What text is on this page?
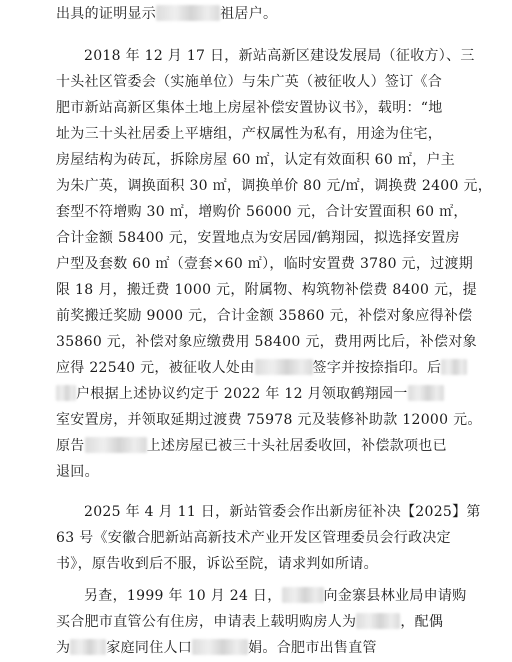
出具的证明显示	祖居户。
2018 年 12 月 17 日，新站高新区建设发展局（征收方）、三
十头社区管委会（实施单位）与朱广英（被征收人）签订《合
肥市新站高新区集体土地上房屋补偿安置协议书》，载明：“地
址为三十头社居委上平塘组，产权属性为私有，用途为住宅，
房屋结构为砖瓦，拆除房屋 60 ㎡，认定有效面积 60 ㎡，户主
为朱广英，调换面积 30 ㎡，调换单价 80 元/㎡，调换费 2400 元，
套型不符增购 30 ㎡，增购价 56000 元，合计安置面积 60 ㎡，
合计金额 58400 元，安置地点为安居园/鹤翔园，拟选择安置房
户型及套数 60 ㎡（壹套×60 ㎡），临时安置费 3780 元，过渡期
限 18 月，搬迁费 1000 元，附属物、构筑物补偿费 8400 元，提
前奖搬迁奖励 9000 元，合计金额 35860 元，补偿对象应得补偿
35860 元，补偿对象应缴费用 58400 元，费用两比后，补偿对象
应得 22540 元，被征收人处由	签字并按捺指印。后
户根据上述协议约定于 2022 年 12 月领取鹤翔园一
室安置房，并领取延期过渡费 75978 元及装修补助款 12000 元。
原告	上述房屋已被三十头社居委收回，补偿款项也已
退回。
2025 年 4 月 11 日，新站管委会作出新房征补决【2025】第
63 号《安徽合肥新站高新技术产业开发区管理委员会行政决定
书》，原告收到后不服，诉讼至院，请求判如所请。
另查，1999 年 10 月 24 日，	向金寨县林业局申请购
买合肥市直管公有住房，申请表上载明购房人为	，配偶
为	家庭同住人口	娟。合肥市出售直管
